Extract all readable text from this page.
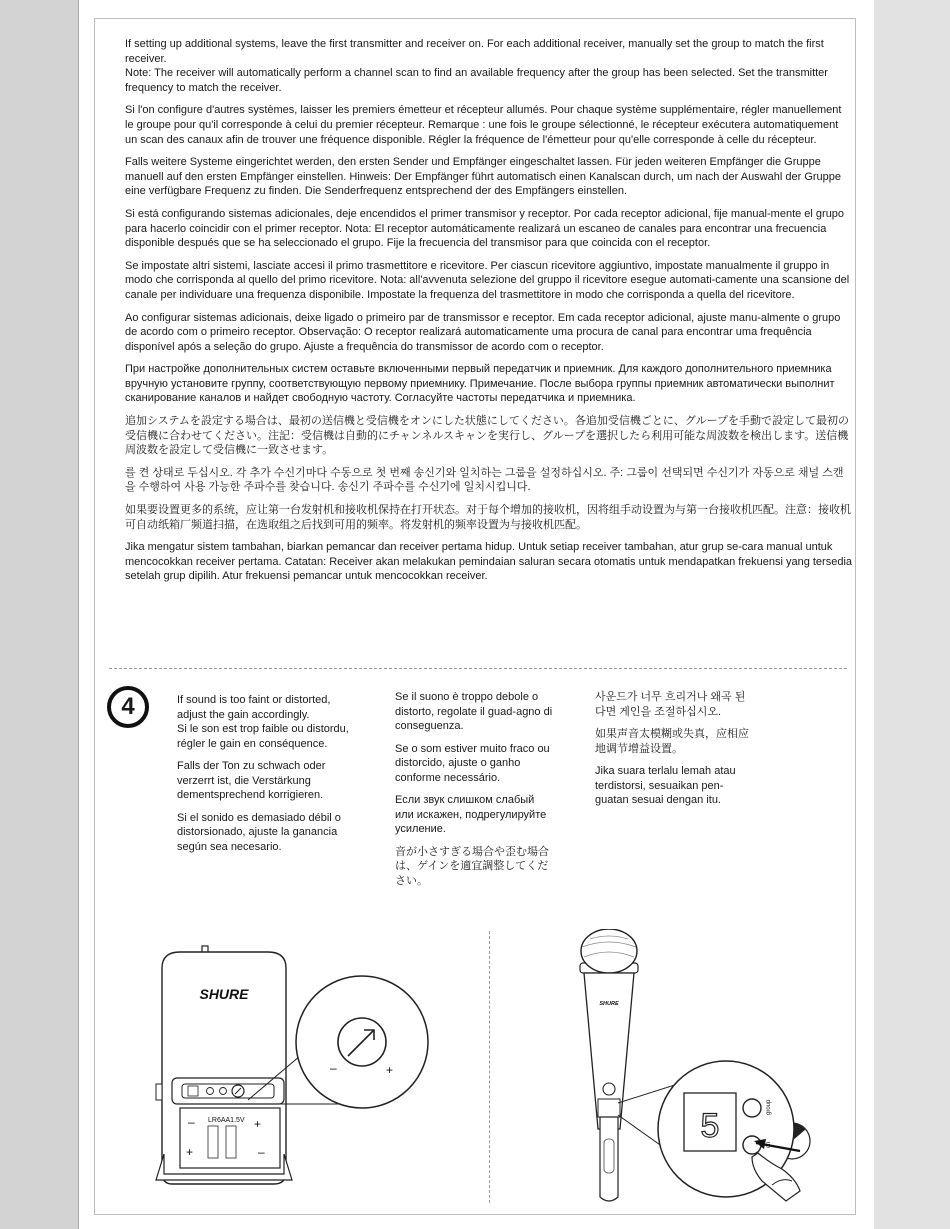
If setting up additional systems, leave the first transmitter and receiver on. For each additional receiver, manually set the group to match the first receiver.

Note: The receiver will automatically perform a channel scan to find an available frequency after the group has been selected. Set the transmitter frequency to match the receiver.

Si l'on configure d'autres systèmes, laisser les premiers émetteur et récepteur allumés. Pour chaque système supplémentaire, régler manuellement le groupe pour qu'il corresponde à celui du premier récepteur. Remarque : une fois le groupe sélectionné, le récepteur exécutera automatiquement un scan des canaux afin de trouver une fréquence disponible. Régler la fréquence de l'émetteur pour qu'elle corresponde à celle du récepteur.

Falls weitere Systeme eingerichtet werden, den ersten Sender und Empfänger eingeschaltet lassen. Für jeden weiteren Empfänger die Gruppe manuell auf den ersten Empfänger einstellen. Hinweis: Der Empfänger führt automatisch einen Kanalscan durch, um nach der Auswahl der Gruppe eine verfügbare Frequenz zu finden. Die Senderfrequenz entsprechend der des Empfängers einstellen.

Si está configurando sistemas adicionales, deje encendidos el primer transmisor y receptor. Por cada receptor adicional, fije manual-mente el grupo para hacerlo coincidir con el primer receptor. Nota: El receptor automáticamente realizará un escaneo de canales para encontrar una frecuencia disponible después que se ha seleccionado el grupo. Fije la frecuencia del transmisor para que coincida con el receptor.

Se impostate altri sistemi, lasciate accesi il primo trasmettitore e ricevitore. Per ciascun ricevitore aggiuntivo, impostate manualmente il gruppo in modo che corrisponda al quello del primo ricevitore. Nota: all'avvenuta selezione del gruppo il ricevitore esegue automati-camente una scansione del canale per individuare una frequenza disponibile. Impostate la frequenza del trasmettitore in modo che corrisponda a quella del ricevitore.

Ao configurar sistemas adicionais, deixe ligado o primeiro par de transmissor e receptor. Em cada receptor adicional, ajuste manu-almente o grupo de acordo com o primeiro receptor. Observação: O receptor realizará automaticamente uma procura de canal para encontrar uma frequência disponível após a seleção do grupo. Ajuste a frequência do transmissor de acordo com o receptor.

При настройке дополнительных систем оставьте включенными первый передатчик и приемник. Для каждого дополнительного приемника вручную установите группу, соответствующую первому приемнику. Примечание. После выбора группы приемник автоматически выполнит сканирование каналов и найдет свободную частоту. Согласуйте частоты передатчика и приемника.

追加システムを設定する場合は、最初の送信機と受信機をオンにした状態にしてください。各追加受信機ごとに、グループを手動で設定して最初の受信機に合わせてください。注記：受信機は自動的にチャンネルスキャンを実行し、グループを選択したら利用可能な周波数を検出します。送信機周波数を設定して受信機に一致させます。

를 켠 상태로 두십시오. 각 추가 수신기마다 수동으로 첫 번째 송신기와 일치하는 그룹을 설정하십시오. 주: 그룹이 선택되면 수신기가 자동으로 채널 스캔을 수행하여 사용 가능한 주파수를 찾습니다. 송신기 주파수를 수신기에 일치시킵니다.

如果要设置更多的系统，应让第一台发射机和接收机保持在打开状态。对于每个增加的接收机，因将组手动设置为与第一台接收机匹配。注意：接收机可自动纸箱厂频道扫描，在选取组之后找到可用的频率。将发射机的频率设置为与接收机匹配。

Jika mengatur sistem tambahan, biarkan pemancar dan receiver pertama hidup. Untuk setiap receiver tambahan, atur grup se-cara manual untuk mencocokkan receiver pertama. Catatan: Receiver akan melakukan pemindaian saluran secara otomatis untuk mendapatkan frekuensi yang tersedia setelah grup dipilih. Atur frekuensi pemancar untuk mencocokkan receiver.

4	If sound is too faint or distorted, adjust the gain accordingly.

Si le son est trop faible ou distordu, régler le gain en conséquence.

Falls der Ton zu schwach oder verzerrt ist, die Verstärkung dementsprechend korrigieren.

Si el sonido es demasiado débil o distorsionado, ajuste la ganancia según sea necesario.

Se il suono è troppo debole o distorto, regolate il guad-agno di conseguenza.

Se o som estiver muito fraco ou distorcido, ajuste o ganho conforme necessário.

Если звук слишком слабый или искажен, подрегулируйте усиление.

音が小さすぎる場合や歪む場合は、ゲインを適宜調整してください。

사운드가 너무 흐리거나 왜곡 된다면 게인을 조절하십시오.

如果声音太模糊或失真，应相应地调节增益设置。

Jika suara terlalu lemah atau terdistorsi, sesuaikan pen-guatan sesuai dengan itu.

SHURE
LR6AA1.5V
–	+
+	–
–	+
SHURE
5	group
